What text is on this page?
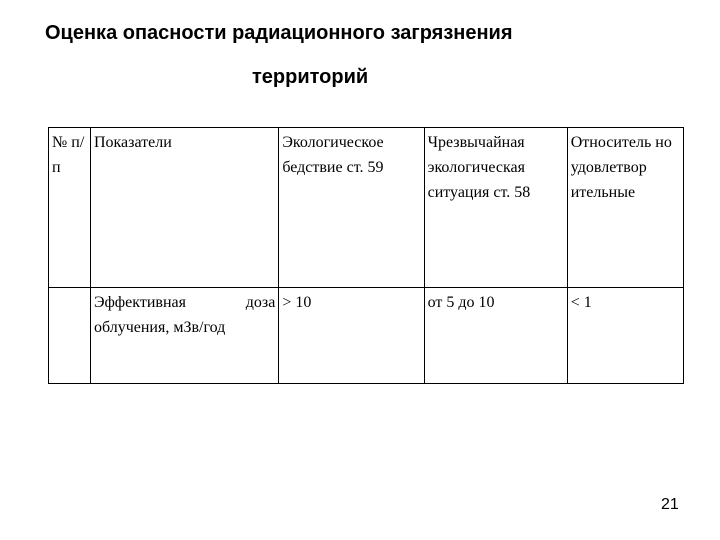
Оценка опасности радиационного загрязнения
территорий
№ п/п	Показатели	Экологическое бедствие ст. 59	Чрезвычайная экологическая ситуация ст. 58	Относитель но удовлетвор ительные
	Эффективная доза облучения, мЗв/год	> 10	от 5 до 10	< 1
21
